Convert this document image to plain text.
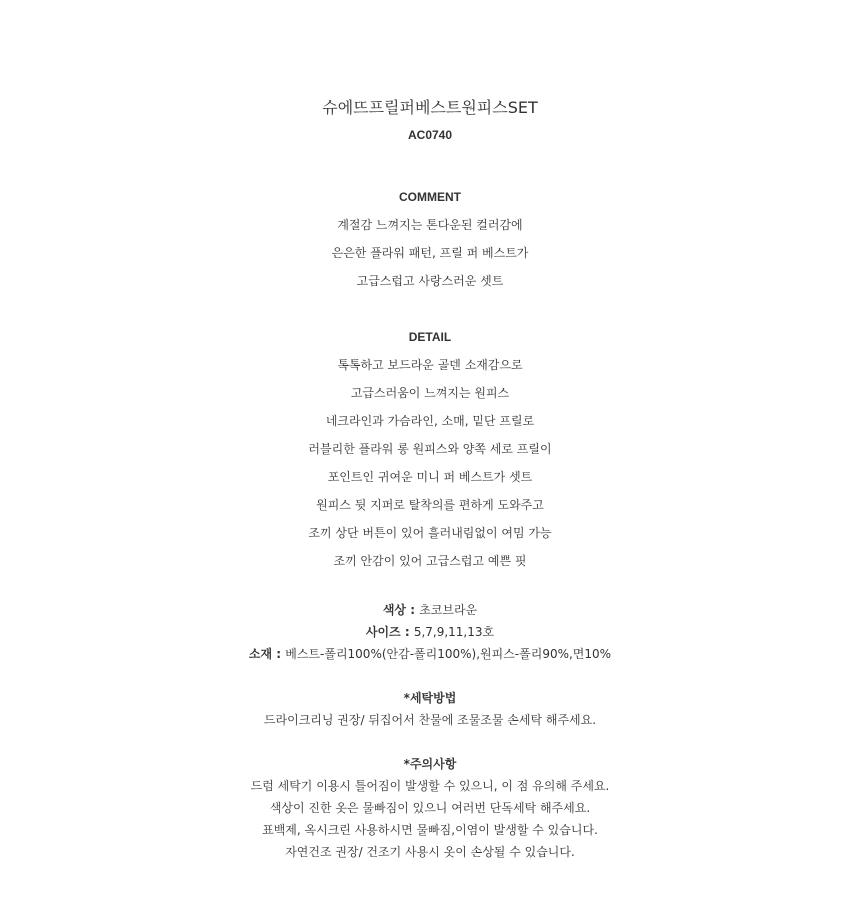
슈에뜨프릴퍼베스트원피스SET
AC0740
COMMENT
계절감 느껴지는 톤다운된 컬러감에
은은한 플라워 패턴, 프릴 퍼 베스트가
고급스럽고 사랑스러운 셋트
DETAIL
톡톡하고 보드라운 골덴 소재감으로
고급스러움이 느껴지는 원피스
네크라인과 가슴라인, 소매, 밑단 프릴로
러블리한 플라워 롱 원피스와 양쪽 세로 프릴이
포인트인 귀여운 미니 퍼 베스트가 셋트
원피스 뒷 지퍼로 탈착의를 편하게 도와주고
조끼 상단 버튼이 있어 흘러내림없이 여밈 가능
조끼 안감이 있어 고급스럽고 예쁜 핏
색상 : 초코브라운
사이즈 : 5,7,9,11,13호
소재 : 베스트-폴리100%(안감-폴리100%),원피스-폴리90%,면10%
*세탁방법
드라이크리닝 권장/ 뒤집어서 찬물에 조물조물 손세탁 해주세요.
*주의사항
드럼 세탁기 이용시 틀어짐이 발생할 수 있으니, 이 점 유의해 주세요.
색상이 진한 옷은 물빠짐이 있으니 여러번 단독세탁 해주세요.
표백제, 옥시크린 사용하시면 물빠짐,이염이 발생할 수 있습니다.
자연건조 권장/ 건조기 사용시 옷이 손상될 수 있습니다.
